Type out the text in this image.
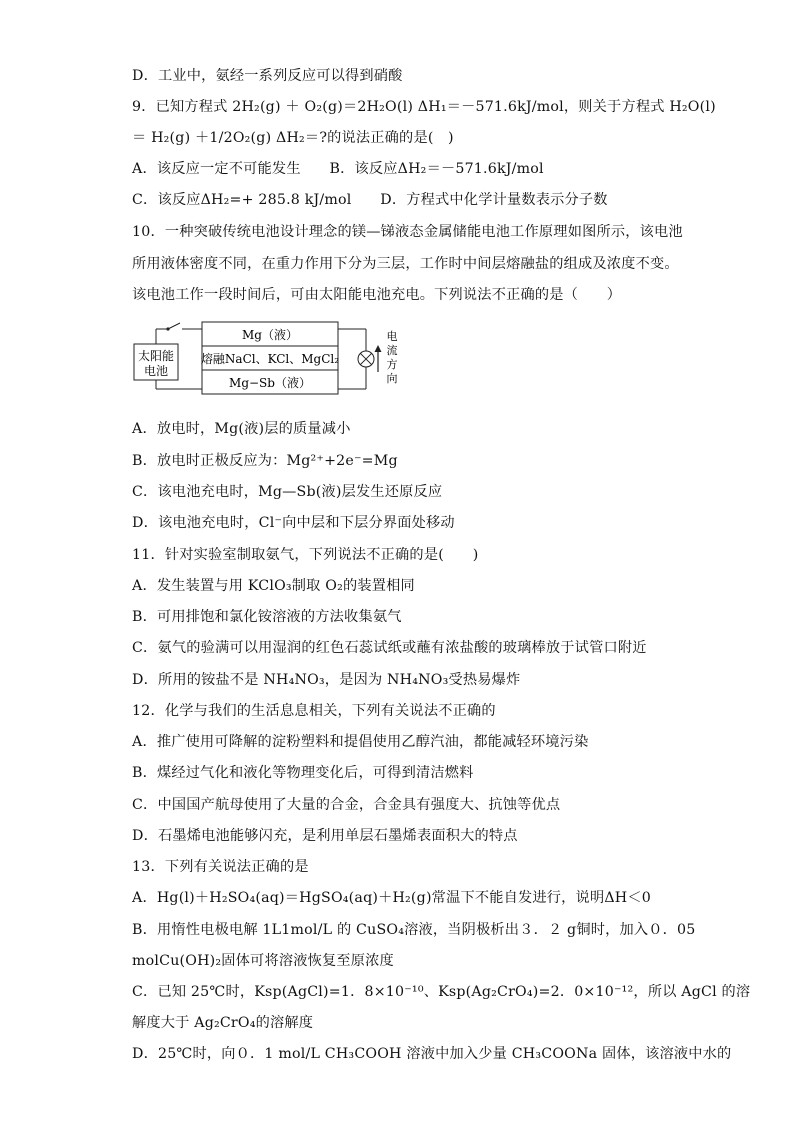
D．工业中，氨经一系列反应可以得到硝酸
9．已知方程式 2H₂(g) ＋ O₂(g)＝2H₂O(l) ΔH₁＝－571.6kJ/mol，则关于方程式 H₂O(l)
＝ H₂(g) ＋1/2O₂(g) ΔH₂＝?的说法正确的是(　)
A．该反应一定不可能发生　　B．该反应ΔH₂＝－571.6kJ/mol
C．该反应ΔH₂=+ 285.8 kJ/mol　　D．方程式中化学计量数表示分子数
10．一种突破传统电池设计理念的镁—锑液态金属储能电池工作原理如图所示，该电池
所用液体密度不同，在重力作用下分为三层，工作时中间层熔融盐的组成及浓度不变。
该电池工作一段时间后，可由太阳能电池充电。下列说法不正确的是（　　）
太阳能
电池
Mg（液）
熔融NaCl、KCl、MgCl₂
Mg−Sb（液）
电
流
方
向
A．放电时，Mg(液)层的质量减小
B．放电时正极反应为：Mg²⁺+2e⁻=Mg
C．该电池充电时，Mg—Sb(液)层发生还原反应
D．该电池充电时，Cl⁻向中层和下层分界面处移动
11．针对实验室制取氨气，下列说法不正确的是(　　)
A．发生装置与用 KClO₃制取 O₂的装置相同
B．可用排饱和氯化铵溶液的方法收集氨气
C．氨气的验满可以用湿润的红色石蕊试纸或蘸有浓盐酸的玻璃棒放于试管口附近
D．所用的铵盐不是 NH₄NO₃，是因为 NH₄NO₃受热易爆炸
12．化学与我们的生活息息相关，下列有关说法不正确的
A．推广使用可降解的淀粉塑料和提倡使用乙醇汽油，都能减轻环境污染
B．煤经过气化和液化等物理变化后，可得到清洁燃料
C．中国国产航母使用了大量的合金，合金具有强度大、抗蚀等优点
D．石墨烯电池能够闪充，是利用单层石墨烯表面积大的特点
13．下列有关说法正确的是
A．Hg(l)＋H₂SO₄(aq)＝HgSO₄(aq)＋H₂(g)常温下不能自发进行，说明ΔH＜0
B．用惰性电极电解 1L1mol/L 的 CuSO₄溶液，当阴极析出３．２ g铜时，加入０．05
molCu(OH)₂固体可将溶液恢复至原浓度
C．已知 25℃时，Ksp(AgCl)=1．8×10⁻¹⁰、Ksp(Ag₂CrO₄)=2．0×10⁻¹²，所以 AgCl 的溶
解度大于 Ag₂CrO₄的溶解度
D．25℃时，向０．1 mol/L CH₃COOH 溶液中加入少量 CH₃COONa 固体，该溶液中水的
